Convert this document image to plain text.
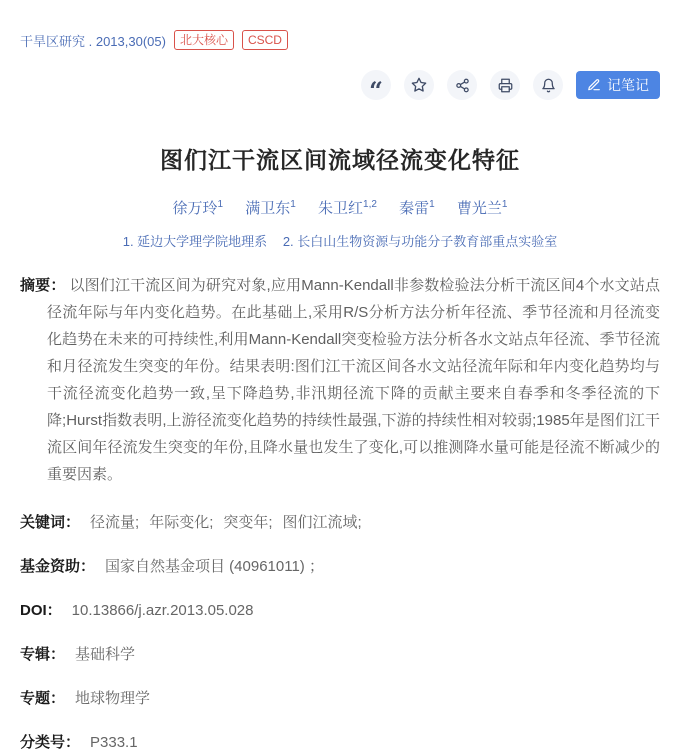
干旱区研究 . 2013,30(05)	北大核心	CSCD
“	记笔记
图们江干流区间流域径流变化特征
徐万玲$^1$ 满卫东$^1$ 朱卫红$^{1,2}$ 秦雷$^1$ 曹光兰$^1$
1. 延边大学理学院地理系 2. 长白山生物资源与功能分子教育部重点实验室

摘要： 以图们江干流区间为研究对象,应用Mann-Kendall非参数检验法分析干流区间4个水文站点径流年际与年内变化趋势。在此基础上,采用R/S分析方法分析年径流、季节径流和月径流变化趋势在未来的可持续性,利用Mann-Kendall突变检验方法分析各水文站点年径流、季节径流和月径流发生突变的年份。结果表明:图们江干流区间各水文站径流年际和年内变化趋势均与干流径流变化趋势一致,呈下降趋势,非汛期径流下降的贡献主要来自春季和冬季径流的下降;Hurst指数表明,上游径流变化趋势的持续性最强,下游的持续性相对较弱;1985年是图们江干流区间年径流发生突变的年份,且降水量也发生了变化,可以推测降水量可能是径流不断减少的重要因素。

关键词： 径流量; 年际变化; 突变年; 图们江流域;
基金资助： 国家自然基金项目 (40961011) ；
DOI： 10.13866/j.azr.2013.05.028
专辑： 基础科学
专题： 地球物理学
分类号： P333.1
